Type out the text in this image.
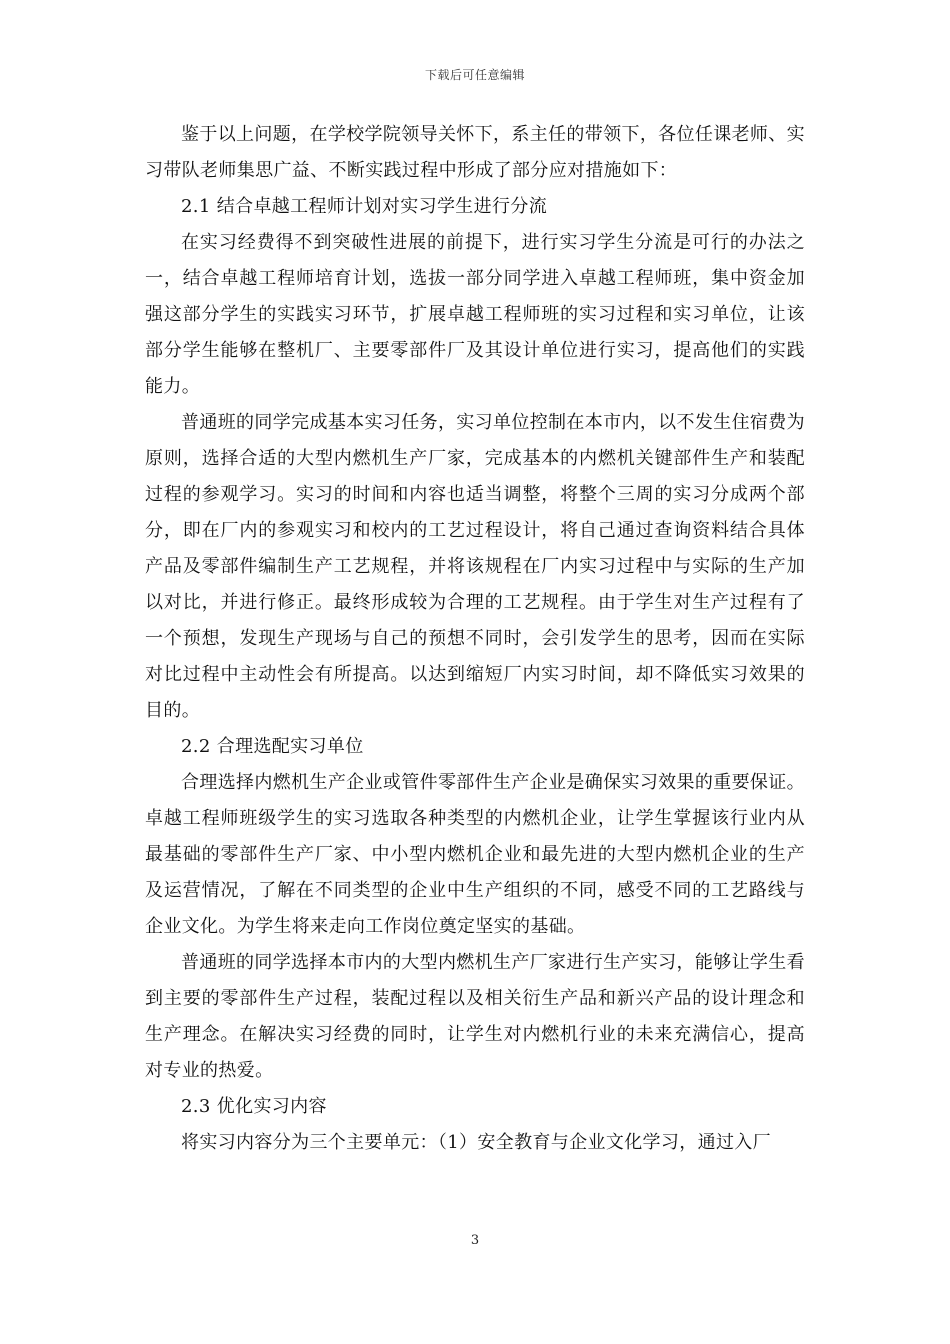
下载后可任意编辑

鉴于以上问题，在学校学院领导关怀下，系主任的带领下，各位任课老师、实习带队老师集思广益、不断实践过程中形成了部分应对措施如下：

2.1 结合卓越工程师计划对实习学生进行分流

在实习经费得不到突破性进展的前提下，进行实习学生分流是可行的办法之一，结合卓越工程师培育计划，选拔一部分同学进入卓越工程师班，集中资金加强这部分学生的实践实习环节，扩展卓越工程师班的实习过程和实习单位，让该部分学生能够在整机厂、主要零部件厂及其设计单位进行实习，提高他们的实践能力。

普通班的同学完成基本实习任务，实习单位控制在本市内，以不发生住宿费为原则，选择合适的大型内燃机生产厂家，完成基本的内燃机关键部件生产和装配过程的参观学习。实习的时间和内容也适当调整，将整个三周的实习分成两个部分，即在厂内的参观实习和校内的工艺过程设计，将自己通过查询资料结合具体产品及零部件编制生产工艺规程，并将该规程在厂内实习过程中与实际的生产加以对比，并进行修正。最终形成较为合理的工艺规程。由于学生对生产过程有了一个预想，发现生产现场与自己的预想不同时，会引发学生的思考，因而在实际对比过程中主动性会有所提高。以达到缩短厂内实习时间，却不降低实习效果的目的。

2.2 合理选配实习单位

合理选择内燃机生产企业或管件零部件生产企业是确保实习效果的重要保证。卓越工程师班级学生的实习选取各种类型的内燃机企业，让学生掌握该行业内从最基础的零部件生产厂家、中小型内燃机企业和最先进的大型内燃机企业的生产及运营情况，了解在不同类型的企业中生产组织的不同，感受不同的工艺路线与企业文化。为学生将来走向工作岗位奠定坚实的基础。

普通班的同学选择本市内的大型内燃机生产厂家进行生产实习，能够让学生看到主要的零部件生产过程，装配过程以及相关衍生产品和新兴产品的设计理念和生产理念。在解决实习经费的同时，让学生对内燃机行业的未来充满信心，提高对专业的热爱。

2.3 优化实习内容

将实习内容分为三个主要单元：（1）安全教育与企业文化学习，通过入厂

3
